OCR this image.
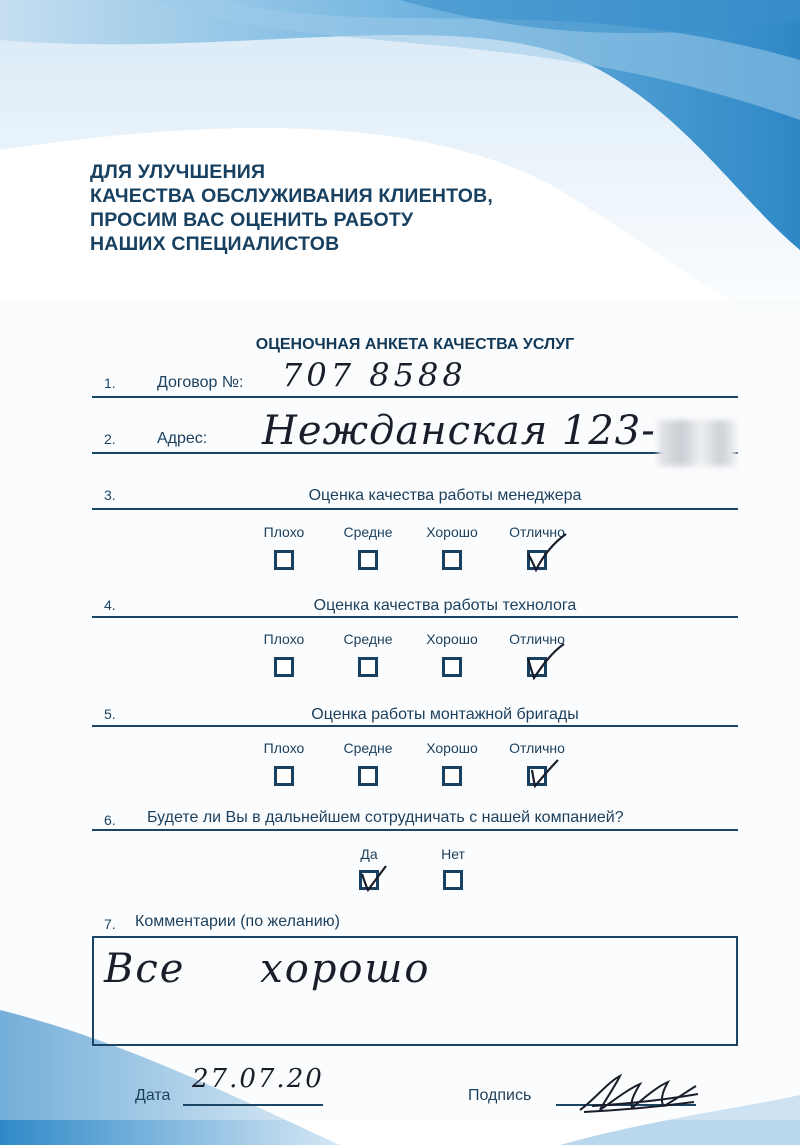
ДЛЯ УЛУЧШЕНИЯ
КАЧЕСТВА ОБСЛУЖИВАНИЯ КЛИЕНТОВ,
ПРОСИМ ВАС ОЦЕНИТЬ РАБОТУ
НАШИХ СПЕЦИАЛИСТОВ
ОЦЕНОЧНАЯ АНКЕТА КАЧЕСТВА УСЛУГ
1.	Договор №: 707 8588
2.	Адрес: Нежданская 123-
3.	Оценка качества работы менеджера
Плохо	Средне	Хорошо	Отлично
4.	Оценка качества работы технолога
Плохо	Средне	Хорошо	Отлично
5.	Оценка работы монтажной бригады
Плохо	Средне	Хорошо	Отлично
6. Будете ли Вы в дальнейшем сотрудничать с нашей компанией?
Да	Нет
7. Комментарии (по желанию)
Все хорошо
Дата
27.07.20
Подпись
